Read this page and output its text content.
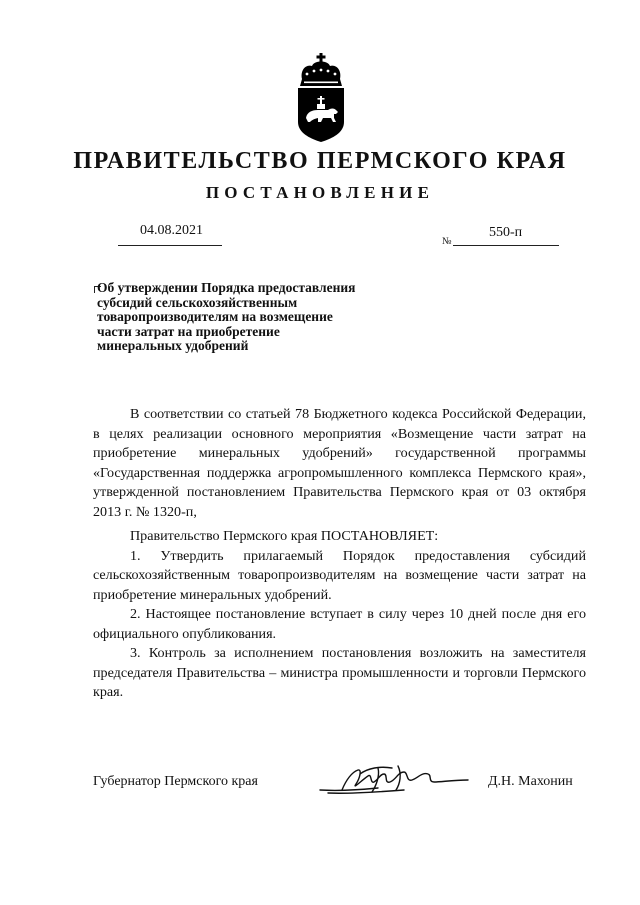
ПРАВИТЕЛЬСТВО ПЕРМСКОГО КРАЯ
ПОСТАНОВЛЕНИЕ
04.08.2021
№
550-п
Об утверждении Порядка предоставления
субсидий сельскохозяйственным
товаропроизводителям на возмещение
части затрат на приобретение
минеральных удобрений

В соответствии со статьей 78 Бюджетного кодекса Российской Федерации, в целях реализации основного мероприятия «Возмещение части затрат на приобретение минеральных удобрений» государственной программы «Государственная поддержка агропромышленного комплекса Пермского края», утвержденной постановлением Правительства Пермского края от 03 октября 2013 г. № 1320-п,

Правительство Пермского края ПОСТАНОВЛЯЕТ:

1. Утвердить прилагаемый Порядок предоставления субсидий сельскохозяйственным товаропроизводителям на возмещение части затрат на приобретение минеральных удобрений.

2. Настоящее постановление вступает в силу через 10 дней после дня его официального опубликования.

3. Контроль за исполнением постановления возложить на заместителя председателя Правительства – министра промышленности и торговли Пермского края.

Губернатор Пермского края	Д.Н. Махонин
